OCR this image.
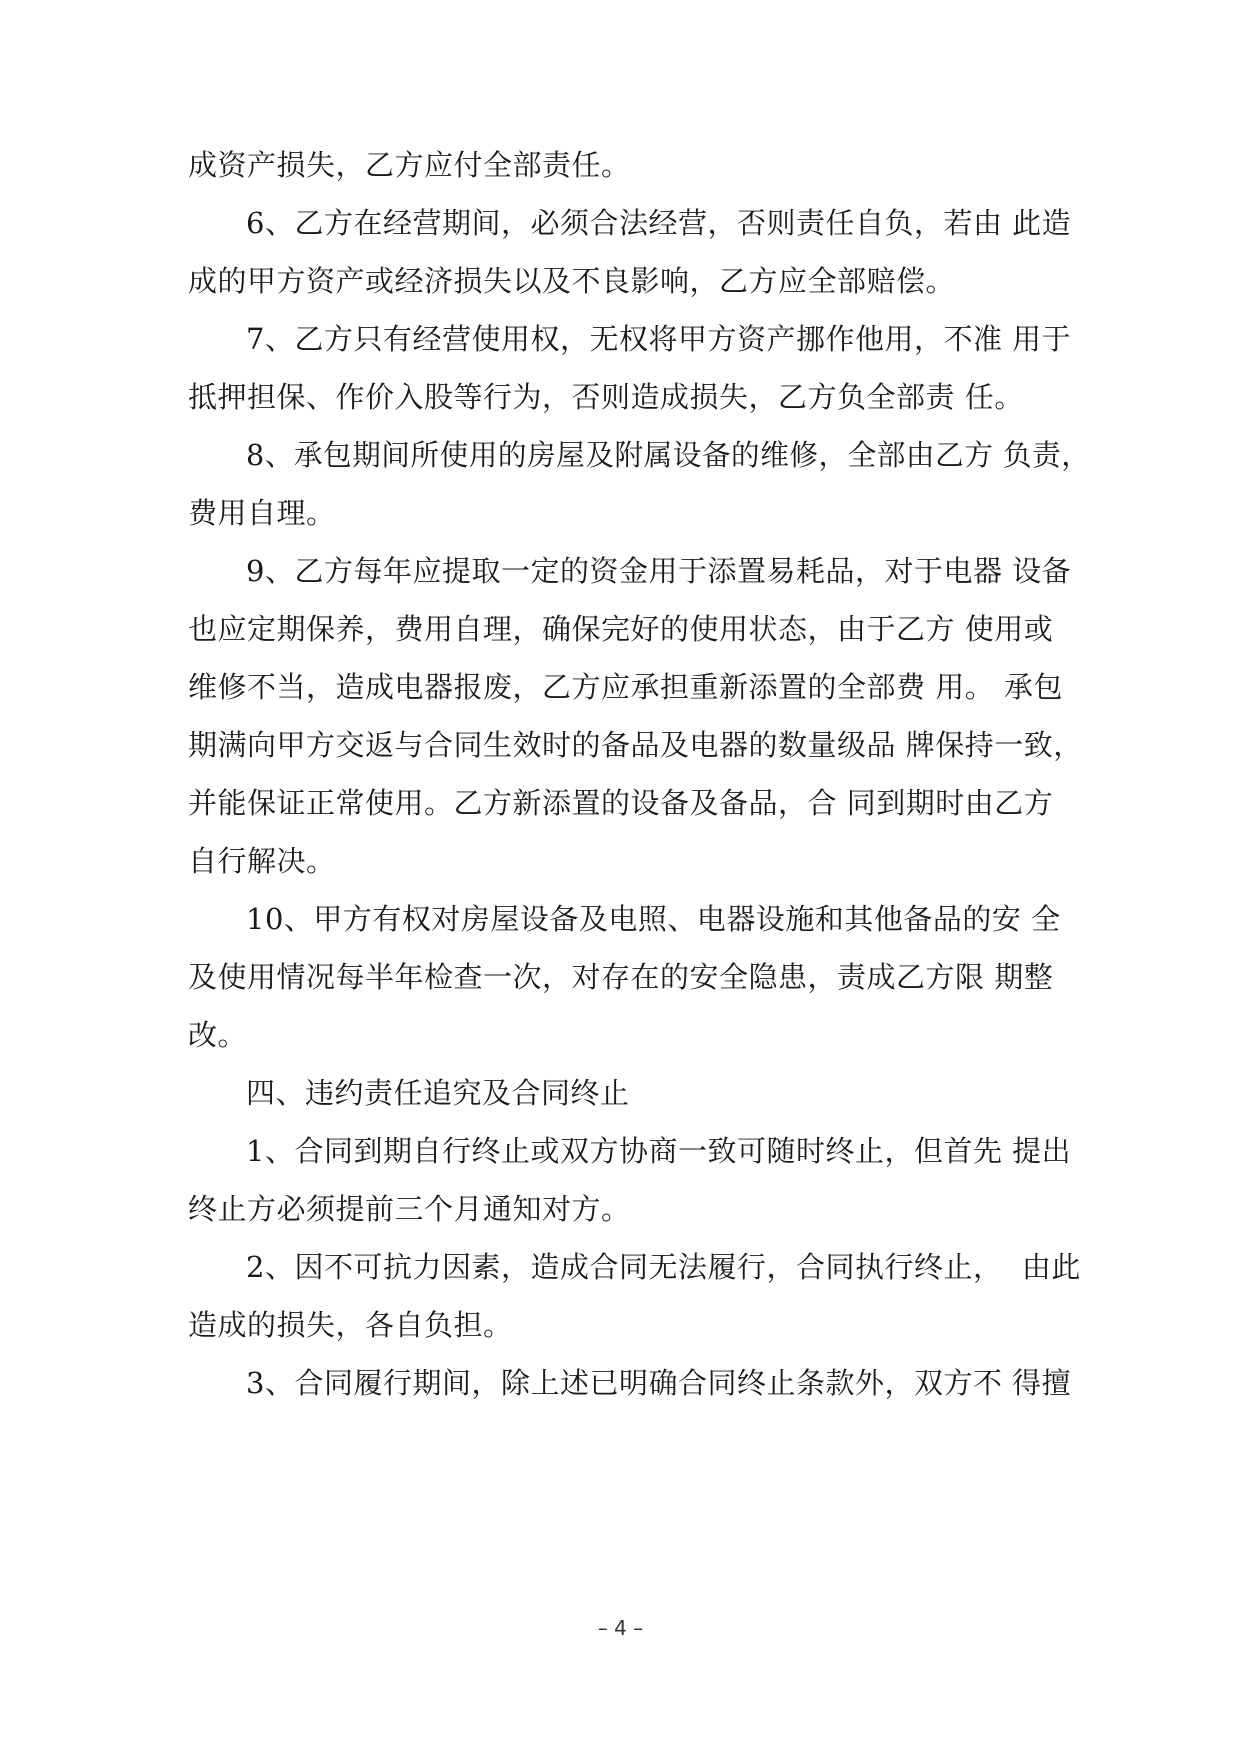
成资产损失，乙方应付全部责任。
6、乙方在经营期间，必须合法经营，否则责任自负，若由 此造
成的甲方资产或经济损失以及不良影响，乙方应全部赔偿。
7、乙方只有经营使用权，无权将甲方资产挪作他用，不准 用于
抵押担保、作价入股等行为，否则造成损失，乙方负全部责 任。
8、承包期间所使用的房屋及附属设备的维修，全部由乙方 负责，
费用自理。
9、乙方每年应提取一定的资金用于添置易耗品，对于电器 设备
也应定期保养，费用自理，确保完好的使用状态，由于乙方 使用或
维修不当，造成电器报废，乙方应承担重新添置的全部费 用。 承包
期满向甲方交返与合同生效时的备品及电器的数量级品 牌保持一致，
并能保证正常使用。乙方新添置的设备及备品，合 同到期时由乙方
自行解决。
10、甲方有权对房屋设备及电照、电器设施和其他备品的安 全
及使用情况每半年检查一次，对存在的安全隐患，责成乙方限 期整
改。
四、违约责任追究及合同终止
1、合同到期自行终止或双方协商一致可随时终止，但首先 提出
终止方必须提前三个月通知对方。
2、因不可抗力因素，造成合同无法履行，合同执行终止，  由此
造成的损失，各自负担。
3、合同履行期间，除上述已明确合同终止条款外，双方不 得擅
– 4 –
